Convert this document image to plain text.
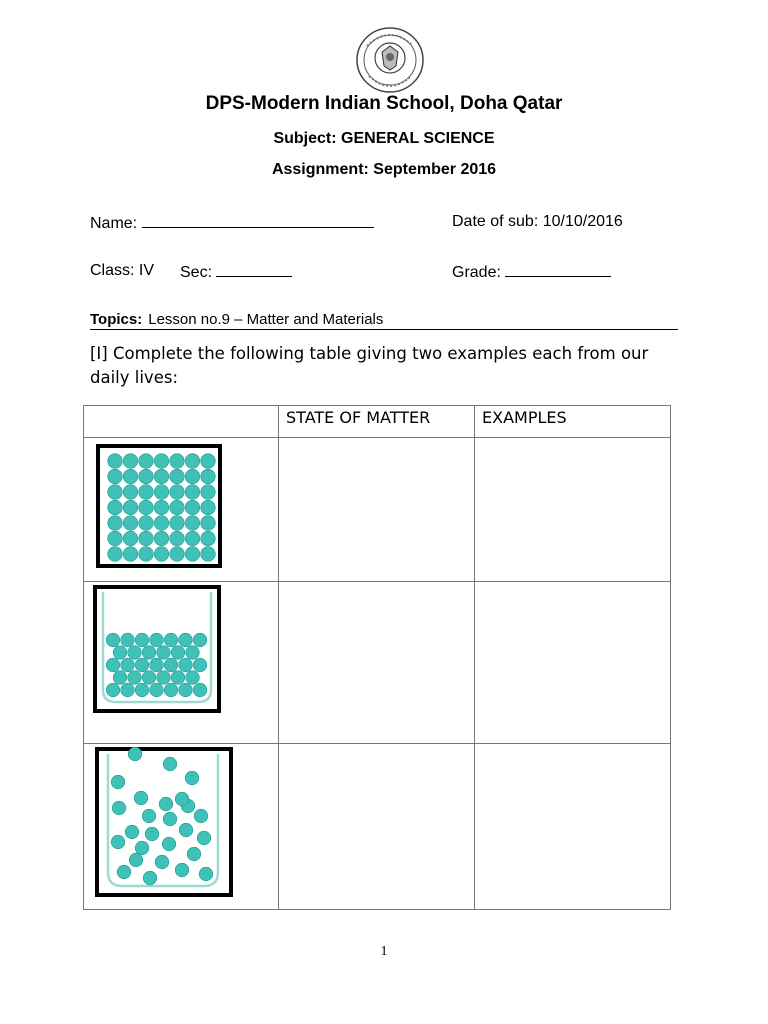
DPS-Modern Indian School, Doha Qatar
Subject: GENERAL SCIENCE
Assignment: September 2016
Name:	Date of sub: 10/10/2016
Class: IV Sec:	Grade:
Topics: Lesson no.9 – Matter and Materials
[I] Complete the following table giving two examples each from our daily lives:

	STATE OF MATTER	EXAMPLES

1
